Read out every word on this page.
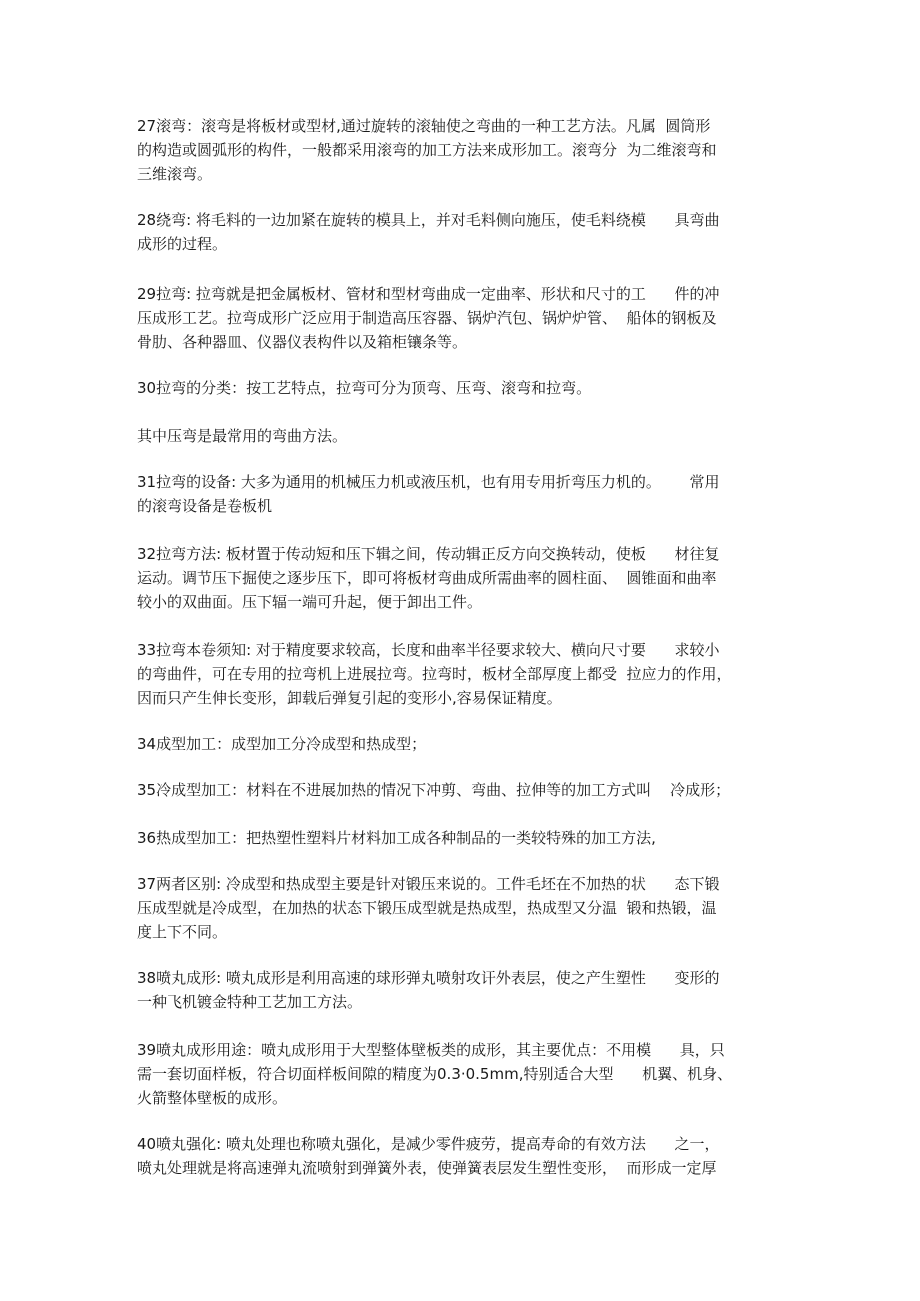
27滚弯：滚弯是将板材或型材,通过旋转的滚轴使之弯曲的一种工艺方法。凡属  圆筒形
的构造或圆弧形的构件，一般都采用滚弯的加工方法来成形加工。滚弯分  为二维滚弯和
三维滚弯。
28绕弯: 将毛料的一边加紧在旋转的模具上，并对毛料侧向施压，使毛料绕模      具弯曲
成形的过程。
29拉弯: 拉弯就是把金属板材、管材和型材弯曲成一定曲率、形状和尺寸的工      件的冲
压成形工艺。拉弯成形广泛应用于制造高压容器、锅炉汽包、锅炉炉管、  船体的钢板及
骨肋、各种器皿、仪器仪表构件以及箱柜镶条等。
30拉弯的分类：按工艺特点，拉弯可分为顶弯、压弯、滚弯和拉弯。
其中压弯是最常用的弯曲方法。
31拉弯的设备: 大多为通用的机械压力机或液压机，也有用专用折弯压力机的。      常用
的滚弯设备是卷板机
32拉弯方法: 板材置于传动短和压下辑之间，传动辑正反方向交换转动，使板      材往复
运动。调节压下掘使之逐步压下，即可将板材弯曲成所需曲率的圆柱面、  圆锥面和曲率
较小的双曲面。压下辐一端可升起，便于卸出工件。
33拉弯本卷须知: 对于精度要求较高，长度和曲率半径要求较大、横向尺寸要      求较小
的弯曲件，可在专用的拉弯机上进展拉弯。拉弯时，板材全部厚度上都受  拉应力的作用，
因而只产生伸长变形，卸载后弹复引起的变形小,容易保证精度。
34成型加工：成型加工分冷成型和热成型；
35冷成型加工：材料在不进展加热的情况下冲剪、弯曲、拉伸等的加工方式叫    冷成形；
36热成型加工：把热塑性塑料片材料加工成各种制品的一类较特殊的加工方法,
37两者区别: 冷成型和热成型主要是针对锻压来说的。工件毛坯在不加热的状      态下锻
压成型就是冷成型，在加热的状态下锻压成型就是热成型，热成型又分温  锻和热锻，温
度上下不同。
38喷丸成形: 喷丸成形是利用高速的球形弹丸喷射攻讦外表层，使之产生塑性      变形的
一种飞机镀金特种工艺加工方法。
39喷丸成形用途：喷丸成形用于大型整体壁板类的成形，其主要优点：不用模      具，只
需一套切面样板，符合切面样板间隙的精度为0.3·0.5mm,特别适合大型      机翼、机身、
火箭整体壁板的成形。
40喷丸强化: 喷丸处理也称喷丸强化，是减少零件疲劳，提高寿命的有效方法      之一，
喷丸处理就是将高速弹丸流喷射到弹簧外表，使弹簧表层发生塑性变形，  而形成一定厚
